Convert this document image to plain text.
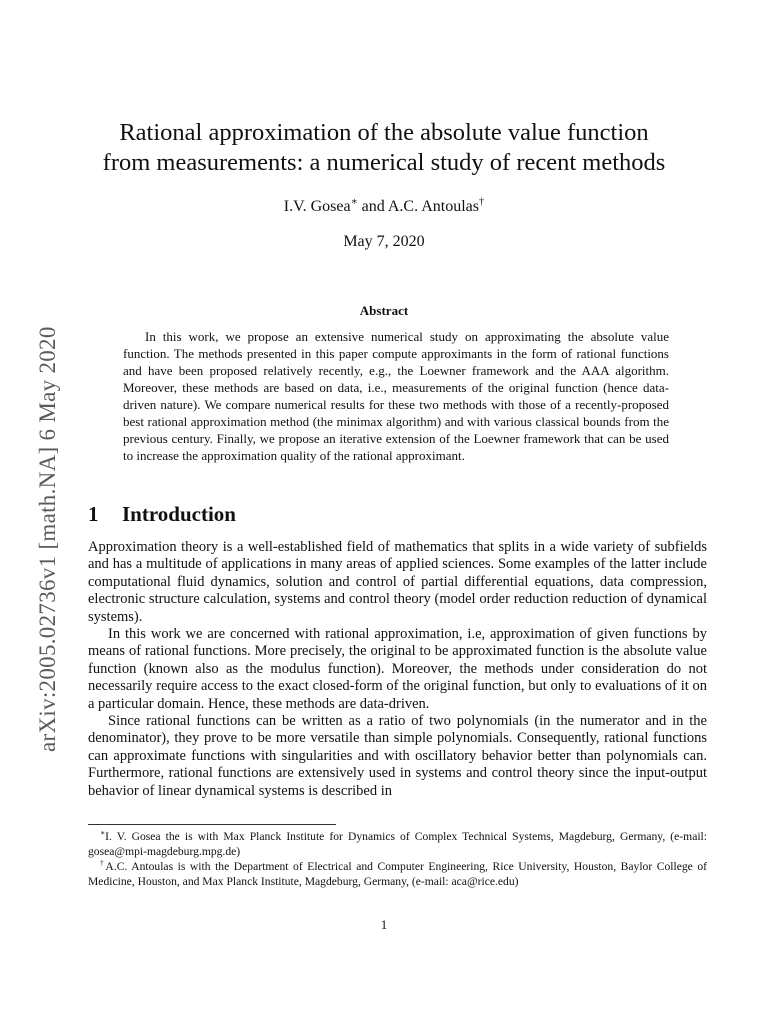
arXiv:2005.02736v1 [math.NA] 6 May 2020
Rational approximation of the absolute value function
from measurements: a numerical study of recent methods
I.V. Gosea∗ and A.C. Antoulas†
May 7, 2020
Abstract
In this work, we propose an extensive numerical study on approximating the absolute value function. The methods presented in this paper compute approximants in the form of rational functions and have been proposed relatively recently, e.g., the Loewner framework and the AAA algorithm. Moreover, these methods are based on data, i.e., measurements of the original function (hence data-driven nature). We compare numerical results for these two methods with those of a recently-proposed best rational approximation method (the minimax algorithm) and with various classical bounds from the previous century. Finally, we propose an iterative extension of the Loewner framework that can be used to increase the approximation quality of the rational approximant.
1 Introduction

Approximation theory is a well-established field of mathematics that splits in a wide variety of subfields and has a multitude of applications in many areas of applied sciences. Some examples of the latter include computational fluid dynamics, solution and control of partial differential equations, data compression, electronic structure calculation, systems and control theory (model order reduction reduction of dynamical systems).

In this work we are concerned with rational approximation, i.e, approximation of given functions by means of rational functions. More precisely, the original to be approximated function is the absolute value function (known also as the modulus function). Moreover, the methods under consideration do not necessarily require access to the exact closed-form of the original function, but only to evaluations of it on a particular domain. Hence, these methods are data-driven.

Since rational functions can be written as a ratio of two polynomials (in the numerator and in the denominator), they prove to be more versatile than simple polynomials. Consequently, rational functions can approximate functions with singularities and with oscillatory behavior better than polynomials can. Furthermore, rational functions are extensively used in systems and control theory since the input-output behavior of linear dynamical systems is described in

∗I. V. Gosea the is with Max Planck Institute for Dynamics of Complex Technical Systems, Magdeburg, Germany, (e-mail: gosea@mpi-magdeburg.mpg.de)

†A.C. Antoulas is with the Department of Electrical and Computer Engineering, Rice University, Houston, Baylor College of Medicine, Houston, and Max Planck Institute, Magdeburg, Germany, (e-mail: aca@rice.edu)

1
